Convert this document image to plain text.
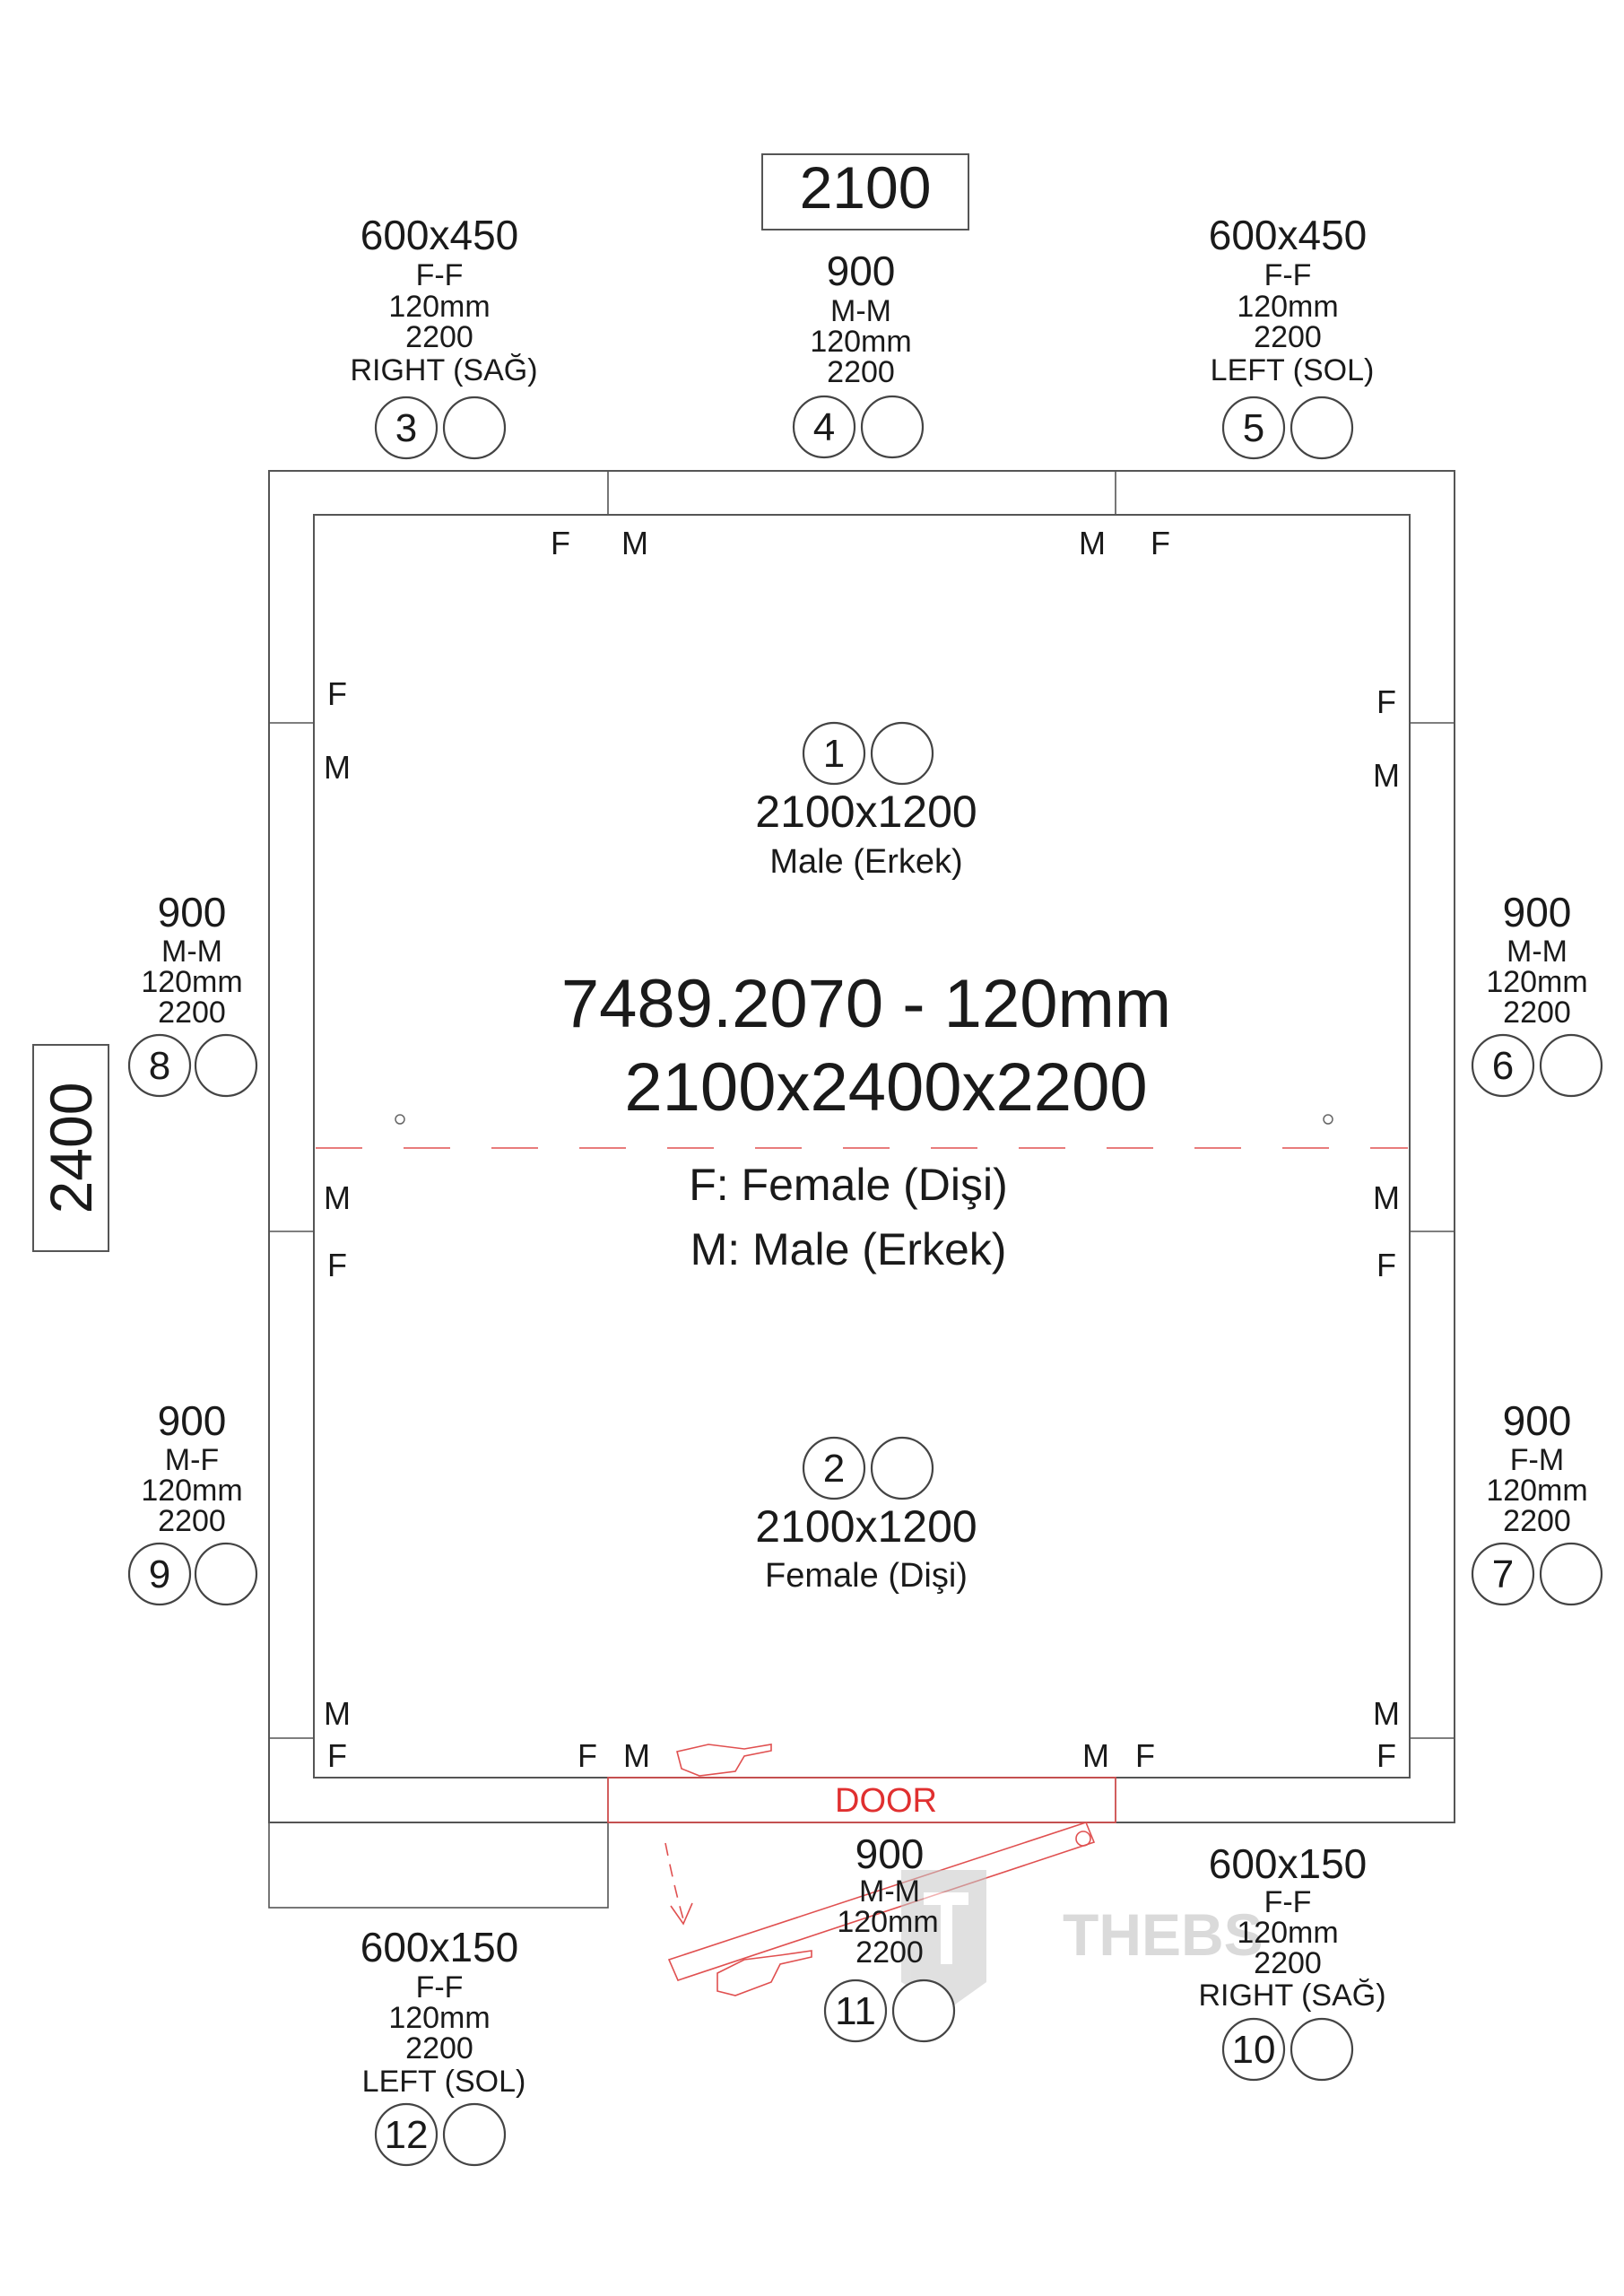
DOOR
THEBS
2100
2400
7489.2070 - 120mm
2100x2400x2200
F: Female (Dişi)
M: Male (Erkek)
F M	M F
F
M
F
M
M
F
M
F
M
F
M
F
F M	M F
1
2100x1200
Male (Erkek)
2
2100x1200
Female (Dişi)
600x450
F-F
120mm
2200
RIGHT (SAĞ)
3
900
M-M
120mm
2200
4
600x450
F-F
120mm
2200
LEFT (SOL)
5
900
M-M
120mm
2200
6
900
F-M
120mm
2200
7
900
M-M
120mm
2200
8
900
M-F
120mm
2200
9
600x150
F-F
120mm
2200
RIGHT (SAĞ)
10
900
M-M
120mm
2200
11
600x150
F-F
120mm
2200
LEFT (SOL)
12
